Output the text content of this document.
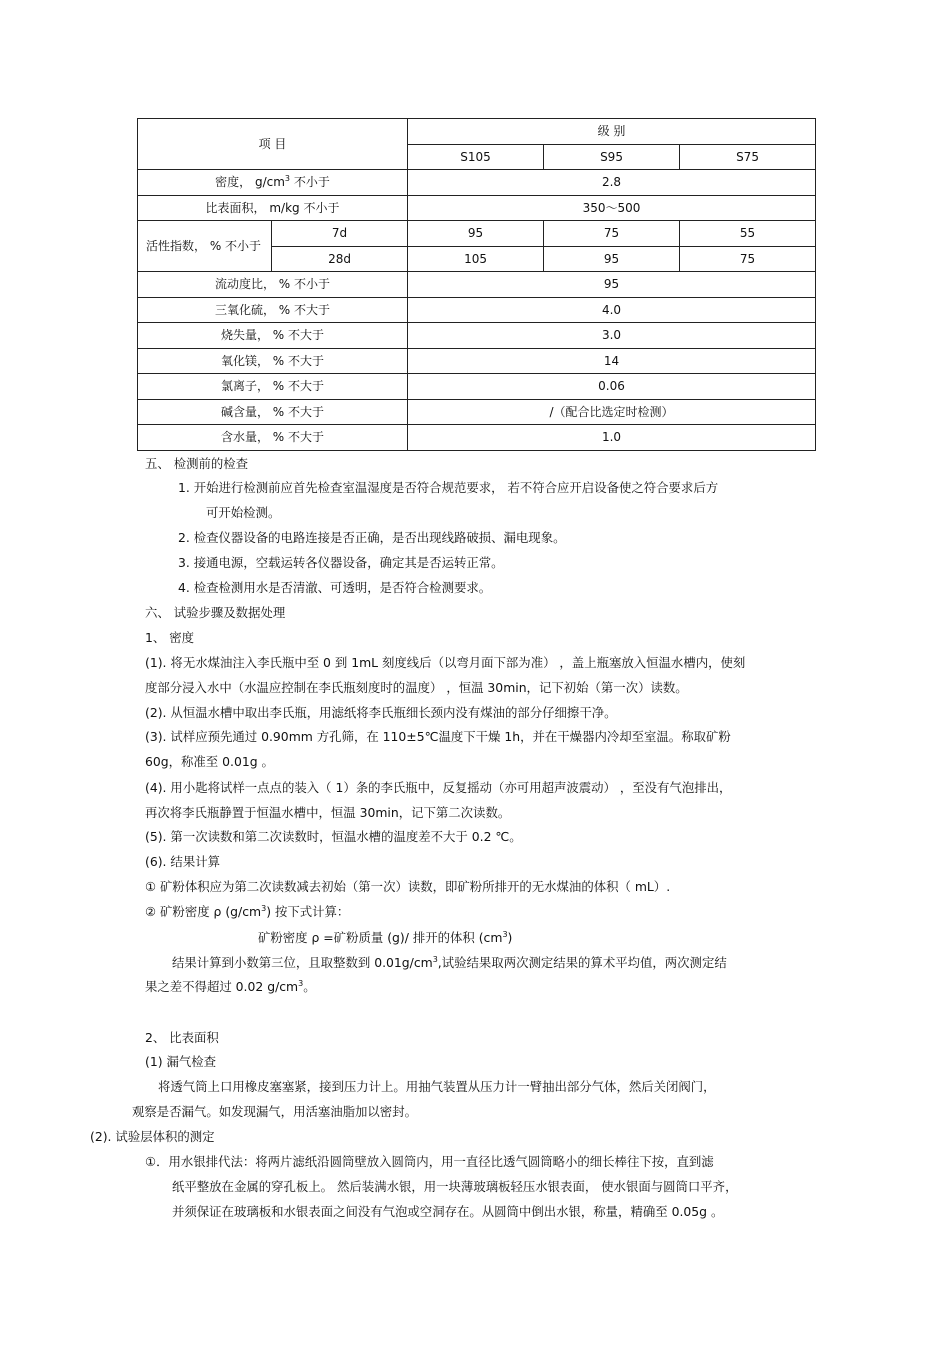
项 目		级 别		
		S105	S95	S75
密度， $g/cm^3$ 不小于		2.8		
比表面积， m/kg 不小于		350～500		
活性指数， % 不小于	7d	95	75	55
	28d	105	95	75
流动度比， % 不小于		95		
三氧化硫， % 不大于		4.0		
烧失量， % 不大于		3.0		
氧化镁， % 不大于		14		
氯离子， % 不大于		0.06		
碱含量， % 不大于		/（配合比选定时检测）		
含水量， % 不大于		1.0		
五、 检测前的检查
1. 开始进行检测前应首先检查室温湿度是否符合规范要求， 若不符合应开启设备使之符合要求后方
可开始检测。
2. 检查仪器设备的电路连接是否正确，是否出现线路破损、漏电现象。
3. 接通电源，空载运转各仪器设备，确定其是否运转正常。
4. 检查检测用水是否清澈、可透明，是否符合检测要求。
六、 试验步骤及数据处理
1、 密度
(1). 将无水煤油注入李氏瓶中至 0 到 1mL 刻度线后（以弯月面下部为准） ，盖上瓶塞放入恒温水槽内，使刻
度部分浸入水中（水温应控制在李氏瓶刻度时的温度） ，恒温 30min，记下初始（第一次）读数。
(2). 从恒温水槽中取出李氏瓶，用滤纸将李氏瓶细长颈内没有煤油的部分仔细擦干净。
(3). 试样应预先通过 0.90mm 方孔筛，在 110±5℃温度下干燥 1h，并在干燥器内冷却至室温。称取矿粉
60g，称准至 0.01g 。
(4). 用小匙将试样一点点的装入（ 1）条的李氏瓶中，反复摇动（亦可用超声波震动） ，至没有气泡排出，
再次将李氏瓶静置于恒温水槽中，恒温 30min，记下第二次读数。
(5). 第一次读数和第二次读数时，恒温水槽的温度差不大于 0.2 ℃。
(6). 结果计算
① 矿粉体积应为第二次读数减去初始（第一次）读数，即矿粉所排开的无水煤油的体积（ mL）.
② 矿粉密度 ρ $(g/cm^3)$ 按下式计算：
矿粉密度 ρ =矿粉质量 (g)/ 排开的体积 $(cm^3)$
结果计算到小数第三位，且取整数到 $0.01g/cm^3$,试验结果取两次测定结果的算术平均值，两次测定结
果之差不得超过 0.02 $g/cm^3$。
2、 比表面积
(1) 漏气检查
将透气筒上口用橡皮塞塞紧，接到压力计上。用抽气装置从压力计一臂抽出部分气体，然后关闭阀门，
观察是否漏气。如发现漏气，用活塞油脂加以密封。
(2). 试验层体积的测定
①．用水银排代法：将两片滤纸沿圆筒壁放入圆筒内，用一直径比透气圆筒略小的细长棒往下按，直到滤
纸平整放在金属的穿孔板上。 然后装满水银，用一块薄玻璃板轻压水银表面， 使水银面与圆筒口平齐，
并须保证在玻璃板和水银表面之间没有气泡或空洞存在。从圆筒中倒出水银，称量，精确至 0.05g 。
